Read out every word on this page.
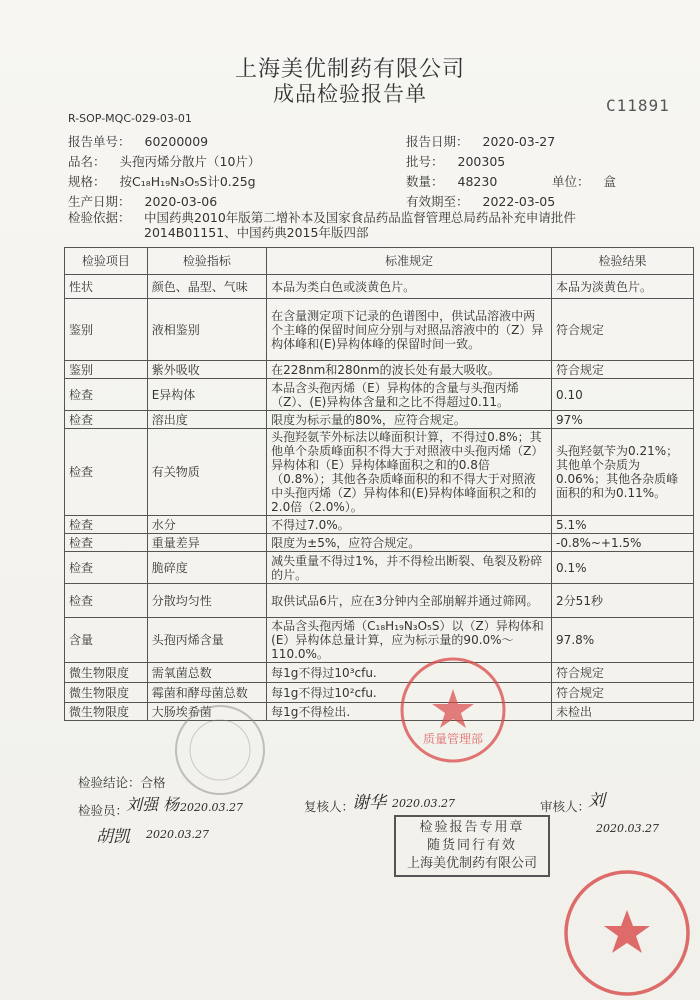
上海美优制药有限公司
成品检验报告单	C11891
R-SOP-MQC-029-03-01
报告单号： 60200009	报告日期： 2020-03-27
品名： 头孢丙烯分散片（10片）	批号： 200305
规格： 按C₁₈H₁₉N₃O₅S计0.25g	数量： 48230	单位： 盒
生产日期： 2020-03-06	有效期至： 2022-03-05
检验依据： 中国药典2010年版第二增补本及国家食品药品监督管理总局药品补充申请批件
2014B01151、中国药典2015年版四部
检验项目	检验指标	标准规定	检验结果
性状	颜色、晶型、气味	本品为类白色或淡黄色片。	本品为淡黄色片。
鉴别	液相鉴别	在含量测定项下记录的色谱图中，供试品溶液中两个主峰的保留时间应分别与对照品溶液中的（Z）异构体峰和(E)异构体峰的保留时间一致。	符合规定
鉴别	紫外吸收	在228nm和280nm的波长处有最大吸收。	符合规定
检查	E异构体	本品含头孢丙烯（E）异构体的含量与头孢丙烯（Z）、(E)异构体含量和之比不得超过0.11。	0.10
检查	溶出度	限度为标示量的80%，应符合规定。	97%
检查	有关物质	头孢羟氨苄外标法以峰面积计算，不得过0.8%；其他单个杂质峰面积不得大于对照液中头孢丙烯（Z）异构体和（E）异构体峰面积之和的0.8倍（0.8%）；其他各杂质峰面积的和不得大于对照液中头孢丙烯（Z）异构体和(E)异构体峰面积之和的2.0倍（2.0%）。	头孢羟氨苄为0.21%；其他单个杂质为0.06%；其他各杂质峰面积的和为0.11%。
检查	水分	不得过7.0%。	5.1%
检查	重量差异	限度为±5%，应符合规定。	-0.8%~+1.5%
检查	脆碎度	减失重量不得过1%，并不得检出断裂、龟裂及粉碎的片。	0.1%
检查	分散均匀性	取供试品6片，应在3分钟内全部崩解并通过筛网。	2分51秒
含量	头孢丙烯含量	本品含头孢丙烯（C₁₈H₁₉N₃O₅S）以（Z）异构体和(E）异构体总量计算，应为标示量的90.0%～110.0%。	97.8%
微生物限度	需氧菌总数	每1g不得过10³cfu.	符合规定
微生物限度	霉菌和酵母菌总数	每1g不得过10²cfu.	符合规定
微生物限度	大肠埃希菌	每1g不得检出.	未检出
检验结论：合格
检验员：
刘强 杨 2020.03.27
胡凯 2020.03.27
复核人：
谢华 2020.03.27	审核人：
刘
2020.03.27
检验报告专用章
随货同行有效
上海美优制药有限公司
质量管理部
